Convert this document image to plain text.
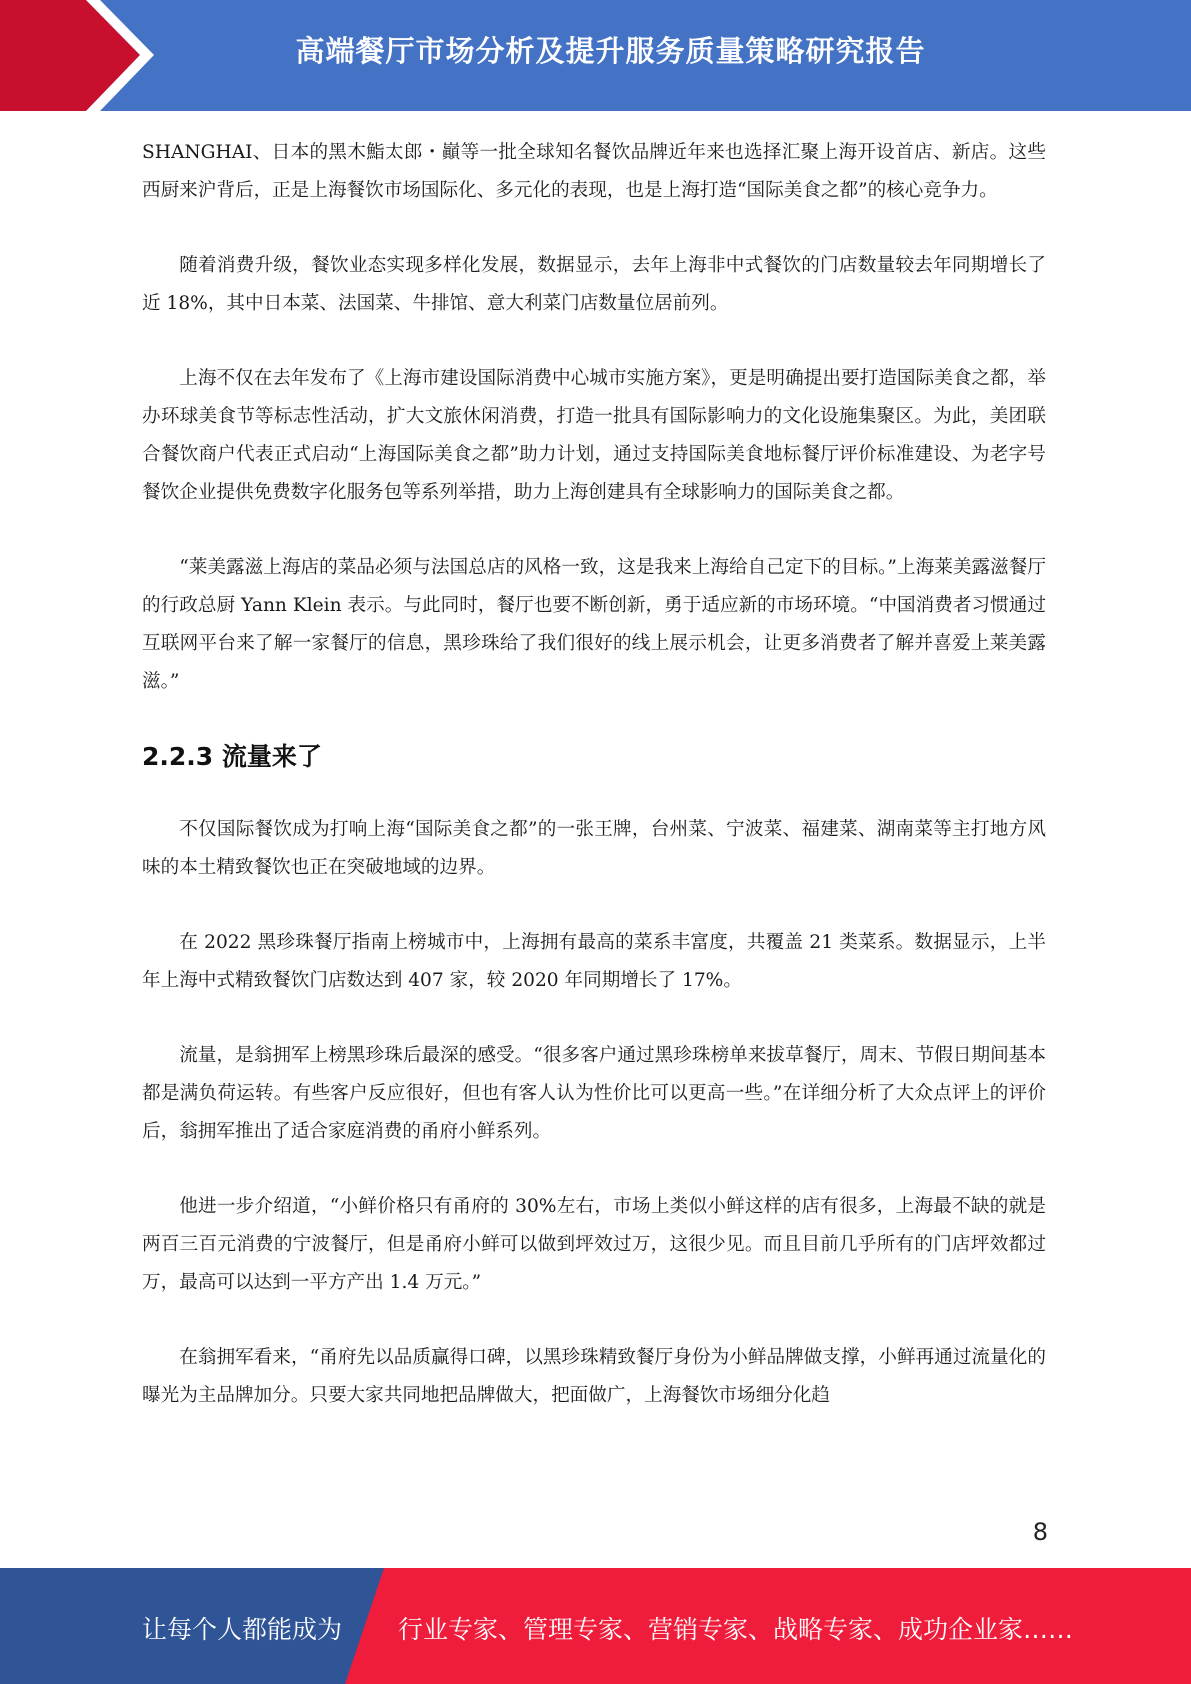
高端餐厅市场分析及提升服务质量策略研究报告

SHANGHAI、日本的黑木鮨太郎・巓等一批全球知名餐饮品牌近年来也选择汇聚上海开设首店、新店。这些西厨来沪背后，正是上海餐饮市场国际化、多元化的表现，也是上海打造“国际美食之都”的核心竞争力。

随着消费升级，餐饮业态实现多样化发展，数据显示，去年上海非中式餐饮的门店数量较去年同期增长了近 18%，其中日本菜、法国菜、牛排馆、意大利菜门店数量位居前列。

上海不仅在去年发布了《上海市建设国际消费中心城市实施方案》，更是明确提出要打造国际美食之都，举办环球美食节等标志性活动，扩大文旅休闲消费，打造一批具有国际影响力的文化设施集聚区。为此，美团联合餐饮商户代表正式启动“上海国际美食之都”助力计划，通过支持国际美食地标餐厅评价标准建设、为老字号餐饮企业提供免费数字化服务包等系列举措，助力上海创建具有全球影响力的国际美食之都。

“莱美露滋上海店的菜品必须与法国总店的风格一致，这是我来上海给自己定下的目标。”上海莱美露滋餐厅的行政总厨 Yann Klein 表示。与此同时，餐厅也要不断创新，勇于适应新的市场环境。“中国消费者习惯通过互联网平台来了解一家餐厅的信息，黑珍珠给了我们很好的线上展示机会，让更多消费者了解并喜爱上莱美露滋。”

2.2.3 流量来了

不仅国际餐饮成为打响上海“国际美食之都”的一张王牌，台州菜、宁波菜、福建菜、湖南菜等主打地方风味的本土精致餐饮也正在突破地域的边界。

在 2022 黑珍珠餐厅指南上榜城市中，上海拥有最高的菜系丰富度，共覆盖 21 类菜系。数据显示，上半年上海中式精致餐饮门店数达到 407 家，较 2020 年同期增长了 17%。

流量，是翁拥军上榜黑珍珠后最深的感受。“很多客户通过黑珍珠榜单来拔草餐厅，周末、节假日期间基本都是满负荷运转。有些客户反应很好，但也有客人认为性价比可以更高一些。”在详细分析了大众点评上的评价后，翁拥军推出了适合家庭消费的甬府小鲜系列。

他进一步介绍道，“小鲜价格只有甬府的 30%左右，市场上类似小鲜这样的店有很多，上海最不缺的就是两百三百元消费的宁波餐厅，但是甬府小鲜可以做到坪效过万，这很少见。而且目前几乎所有的门店坪效都过万，最高可以达到一平方产出 1.4 万元。”

在翁拥军看来，“甬府先以品质赢得口碑，以黑珍珠精致餐厅身份为小鲜品牌做支撑，小鲜再通过流量化的曝光为主品牌加分。只要大家共同地把品牌做大，把面做广，上海餐饮市场细分化趋

8
让每个人都能成为 行业专家、管理专家、营销专家、战略专家、成功企业家……
